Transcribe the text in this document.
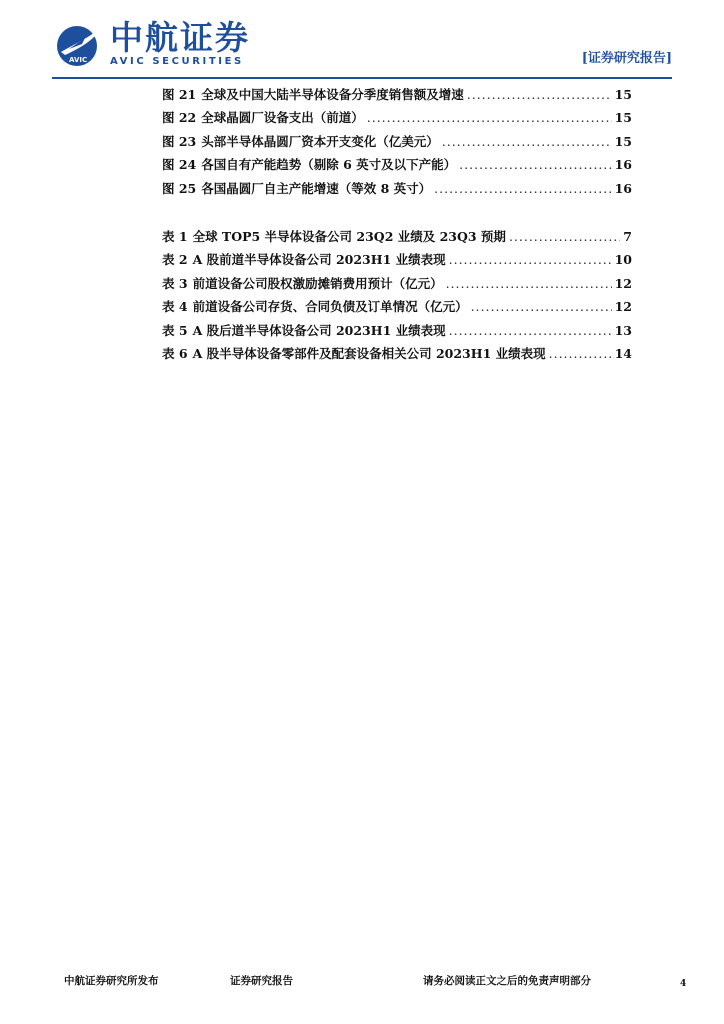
AVIC
中航证券
AVIC SECURITIES	[证券研究报告]
图 21 全球及中国大陆半导体设备分季度销售额及增速 .....	15
图 22 全球晶圆厂设备支出（前道） .....	15
图 23 头部半导体晶圆厂资本开支变化（亿美元） .....	15
图 24 各国自有产能趋势（剔除 6 英寸及以下产能） .....	16
图 25 各国晶圆厂自主产能增速（等效 8 英寸） .....	16
表 1 全球 TOP5 半导体设备公司 23Q2 业绩及 23Q3 预期 .....	7
表 2 A 股前道半导体设备公司 2023H1 业绩表现 .....	10
表 3 前道设备公司股权激励摊销费用预计（亿元） .....	12
表 4 前道设备公司存货、合同负债及订单情况（亿元） .....	12
表 5 A 股后道半导体设备公司 2023H1 业绩表现 .....	13
表 6 A 股半导体设备零部件及配套设备相关公司 2023H1 业绩表现 .....	14
中航证券研究所发布	证券研究报告	请务必阅读正文之后的免责声明部分	4
